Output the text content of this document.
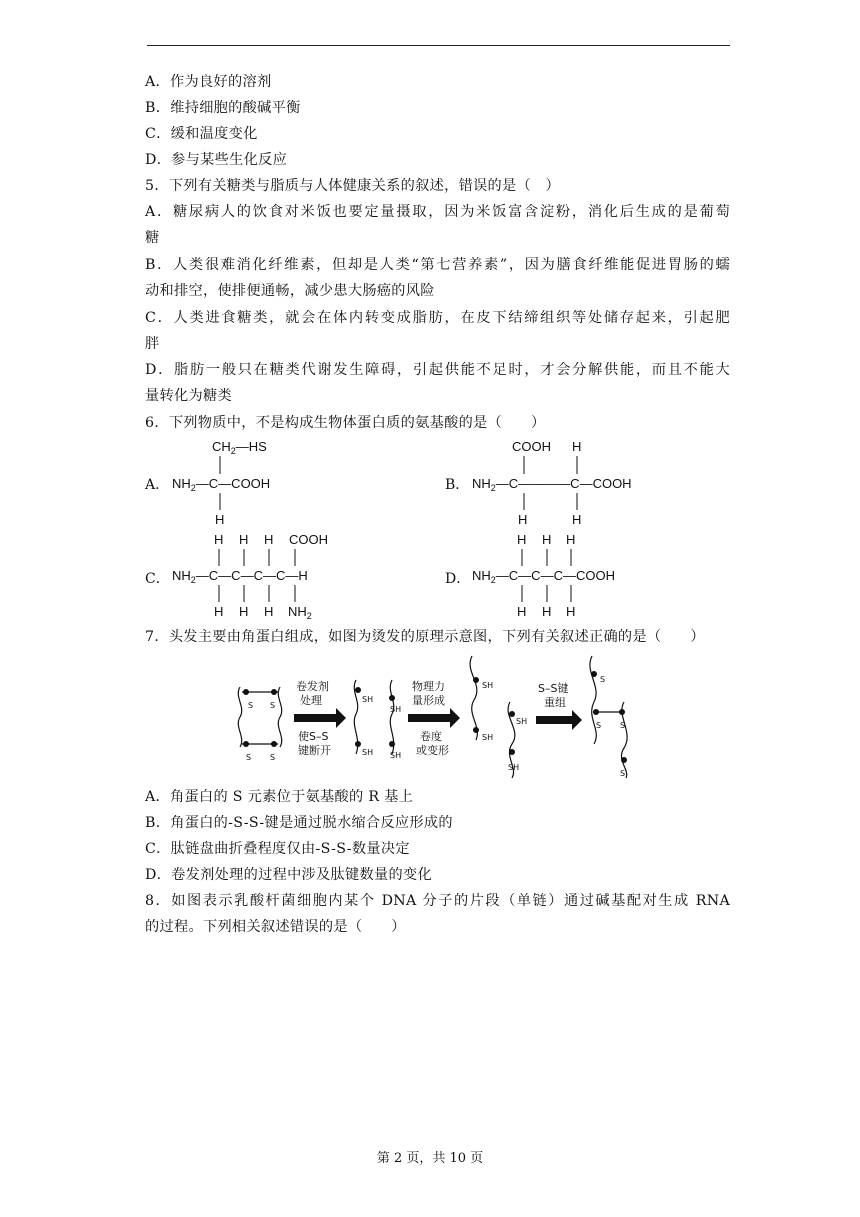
A．作为良好的溶剂
B．维持细胞的酸碱平衡
C．缓和温度变化
D．参与某些生化反应
5．下列有关糖类与脂质与人体健康关系的叙述，错误的是（　）
A．糖尿病人的饮食对米饭也要定量摄取，因为米饭富含淀粉，消化后生成的是葡萄
糖
B．人类很难消化纤维素，但却是人类“第七营养素”，因为膳食纤维能促进胃肠的蠕
动和排空，使排便通畅，减少患大肠癌的风险
C．人类进食糖类，就会在体内转变成脂肪，在皮下结缔组织等处储存起来，引起肥
胖
D．脂肪一般只在糖类代谢发生障碍，引起供能不足时，才会分解供能，而且不能大
量转化为糖类
6．下列物质中，不是构成生物体蛋白质的氨基酸的是（　　）
A．	B．
C．	D．
$CH_2—HS$
$NH_2—C—COOH$
H
COOH H
$NH_2—C————C—COOH$
H	H
H H H COOH
$NH_2—C—C—C—C—H$
H H H $NH_2$
H H H
$NH_2—C—C—C—COOH$
H H H
7．头发主要由角蛋白组成，如图为烫发的原理示意图，下列有关叙述正确的是（　　）
S S
S S
卷发剂
处理
使S–S
键断开
SH
SH
SH SH
物理力
量形成
卷度
或变形
SH
SH
SH
SH
S–S键
重组
S
S S
S
A．角蛋白的 S 元素位于氨基酸的 R 基上
B．角蛋白的-S-S-键是通过脱水缩合反应形成的
C．肽链盘曲折叠程度仅由-S-S-数量决定
D．卷发剂处理的过程中涉及肽键数量的变化
8．如图表示乳酸杆菌细胞内某个 DNA 分子的片段（单链）通过碱基配对生成 RNA
的过程。下列相关叙述错误的是（　　）
第 2 页，共 10 页
